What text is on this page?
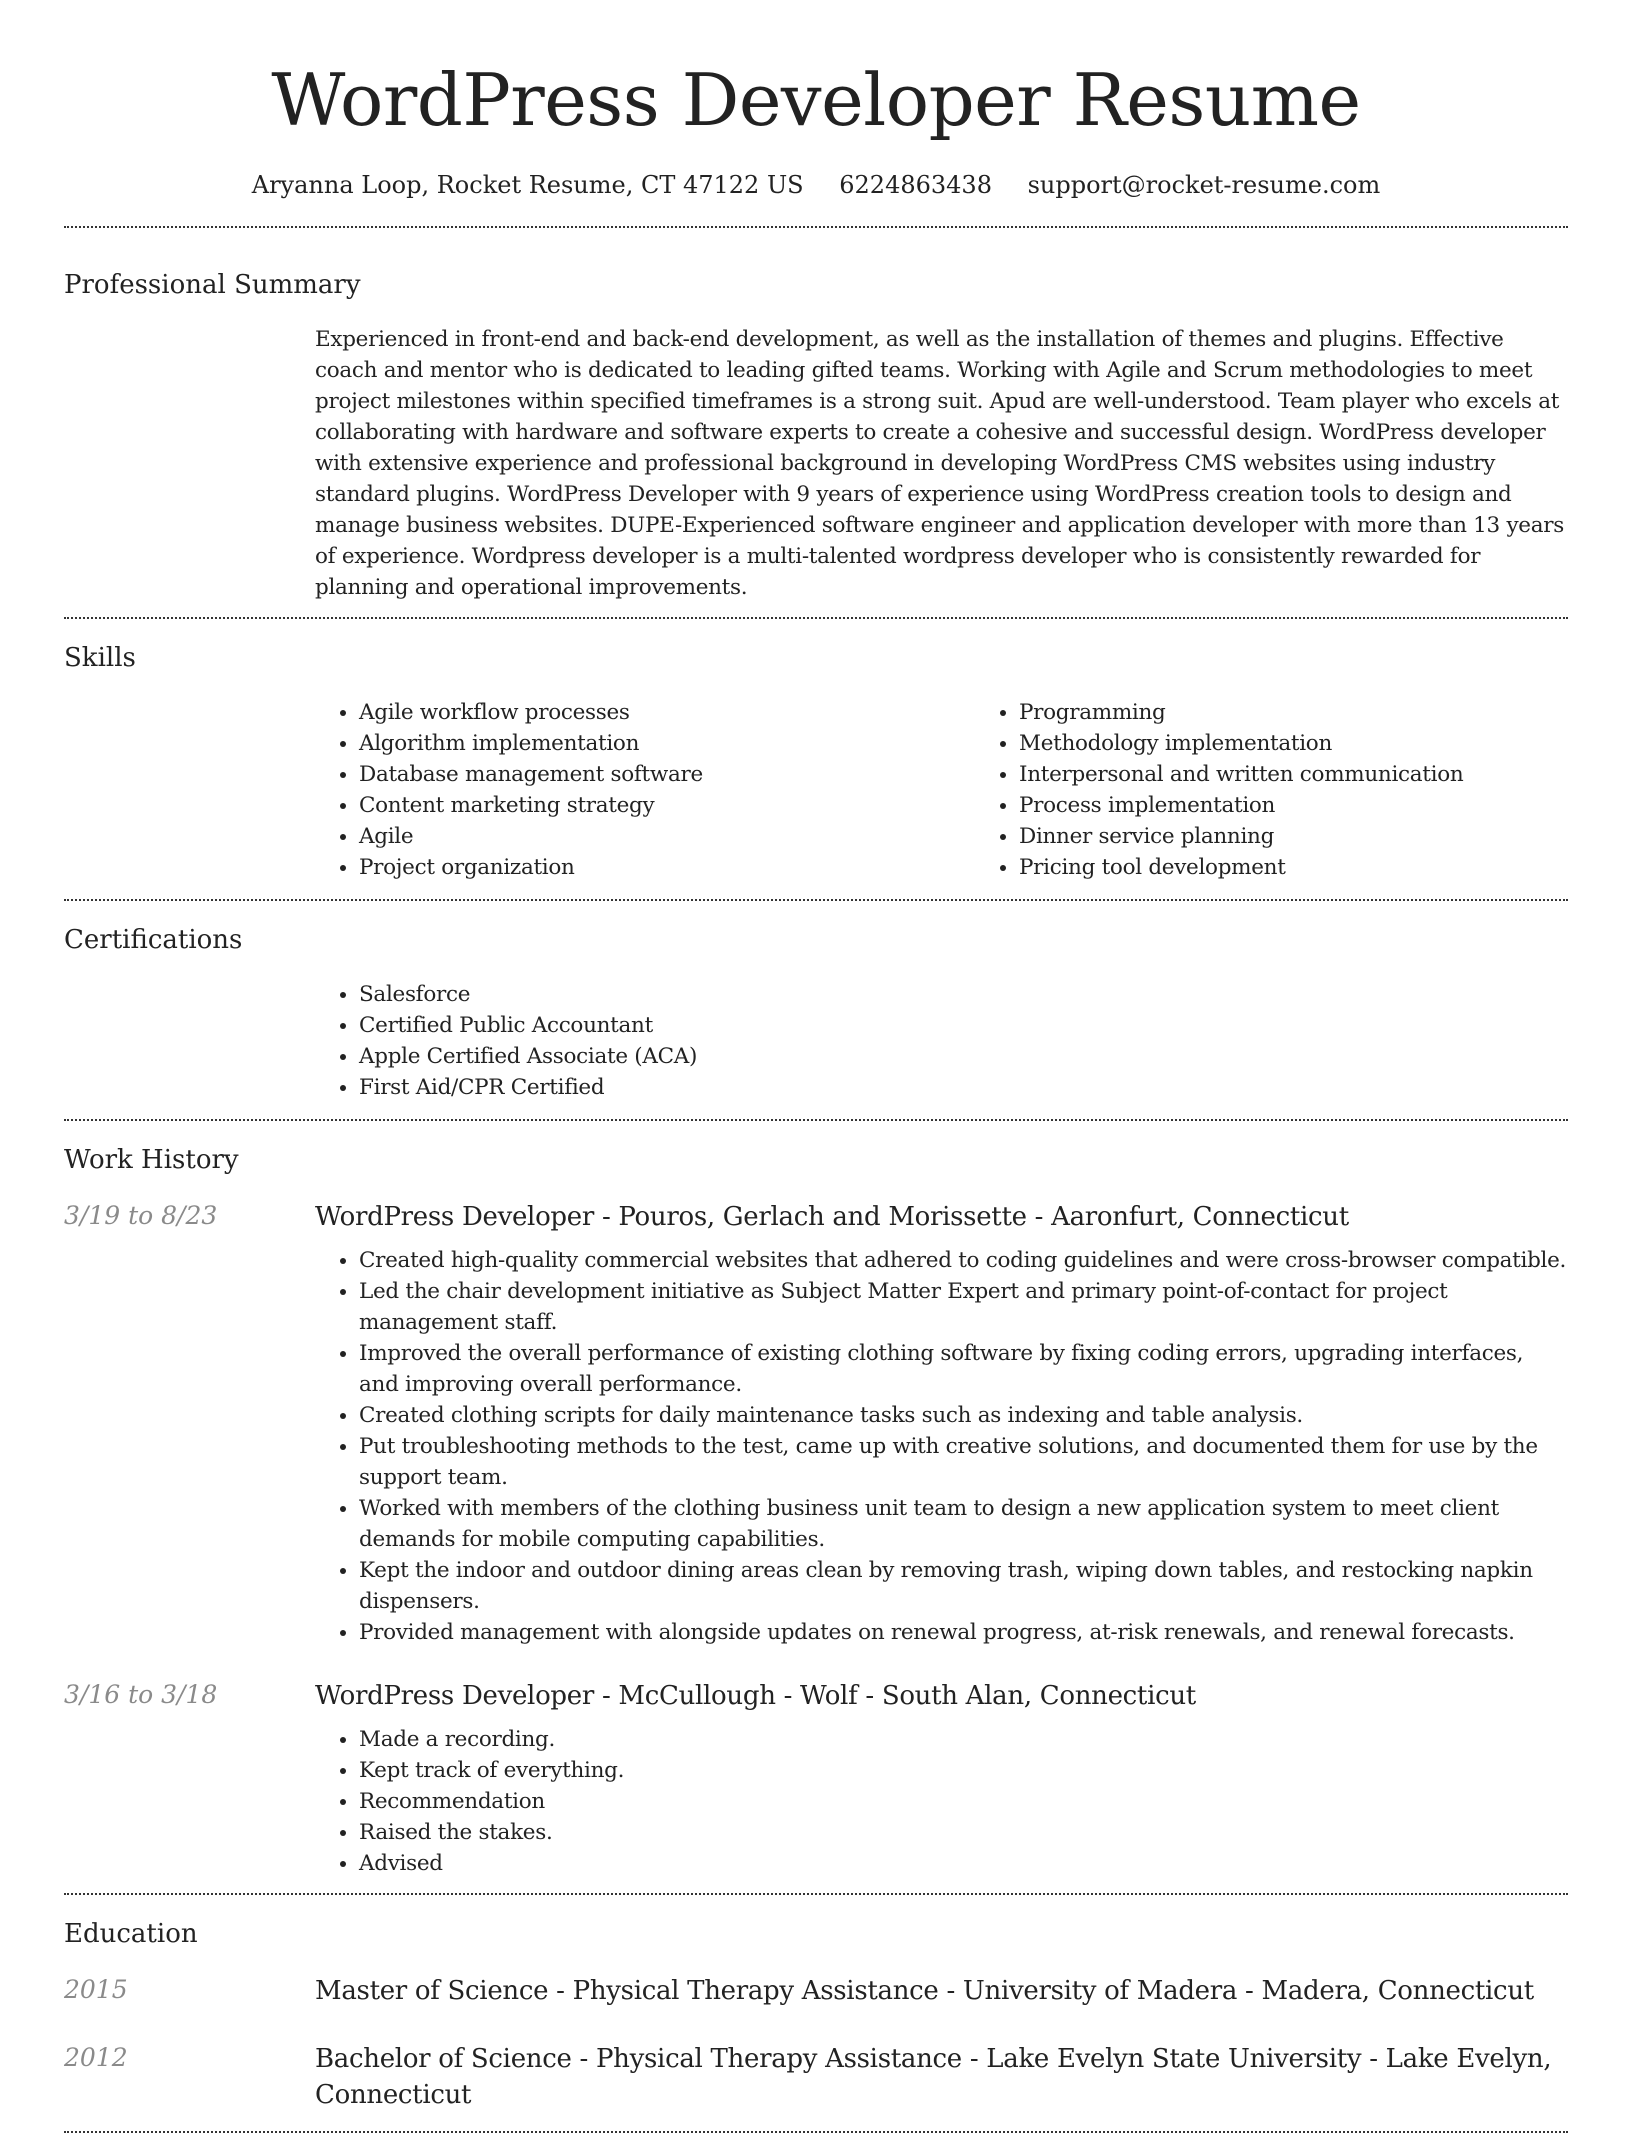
WordPress Developer Resume
Aryanna Loop, Rocket Resume, CT 47122 US 6224863438 support@rocket-resume.com
Professional Summary

Experienced in front-end and back-end development, as well as the installation of themes and plugins. Effective coach and mentor who is dedicated to leading gifted teams. Working with Agile and Scrum methodologies to meet project milestones within specified timeframes is a strong suit. Apud are well-understood. Team player who excels at collaborating with hardware and software experts to create a cohesive and successful design. WordPress developer with extensive experience and professional background in developing WordPress CMS websites using industry standard plugins. WordPress Developer with 9 years of experience using WordPress creation tools to design and manage business websites. DUPE-Experienced software engineer and application developer with more than 13 years of experience. Wordpress developer is a multi-talented wordpress developer who is consistently rewarded for planning and operational improvements.

Skills
• Agile workflow processes
• Algorithm implementation
• Database management software
• Content marketing strategy
• Agile
• Project organization
• Programming
• Methodology implementation
• Interpersonal and written communication
• Process implementation
• Dinner service planning
• Pricing tool development
Certifications
• Salesforce
• Certified Public Accountant
• Apple Certified Associate (ACA)
• First Aid/CPR Certified
Work History
3/19 to 8/23	WordPress Developer - Pouros, Gerlach and Morissette - Aaronfurt, Connecticut
• Created high-quality commercial websites that adhered to coding guidelines and were cross-browser compatible.
• Led the chair development initiative as Subject Matter Expert and primary point-of-contact for project management staff.
• Improved the overall performance of existing clothing software by fixing coding errors, upgrading interfaces, and improving overall performance.
• Created clothing scripts for daily maintenance tasks such as indexing and table analysis.
• Put troubleshooting methods to the test, came up with creative solutions, and documented them for use by the support team.
• Worked with members of the clothing business unit team to design a new application system to meet client demands for mobile computing capabilities.
• Kept the indoor and outdoor dining areas clean by removing trash, wiping down tables, and restocking napkin dispensers.
• Provided management with alongside updates on renewal progress, at-risk renewals, and renewal forecasts.
3/16 to 3/18	WordPress Developer - McCullough - Wolf - South Alan, Connecticut
• Made a recording.
• Kept track of everything.
• Recommendation
• Raised the stakes.
• Advised
Education
2015	Master of Science - Physical Therapy Assistance - University of Madera - Madera, Connecticut
2012	Bachelor of Science - Physical Therapy Assistance - Lake Evelyn State University - Lake Evelyn, Connecticut
